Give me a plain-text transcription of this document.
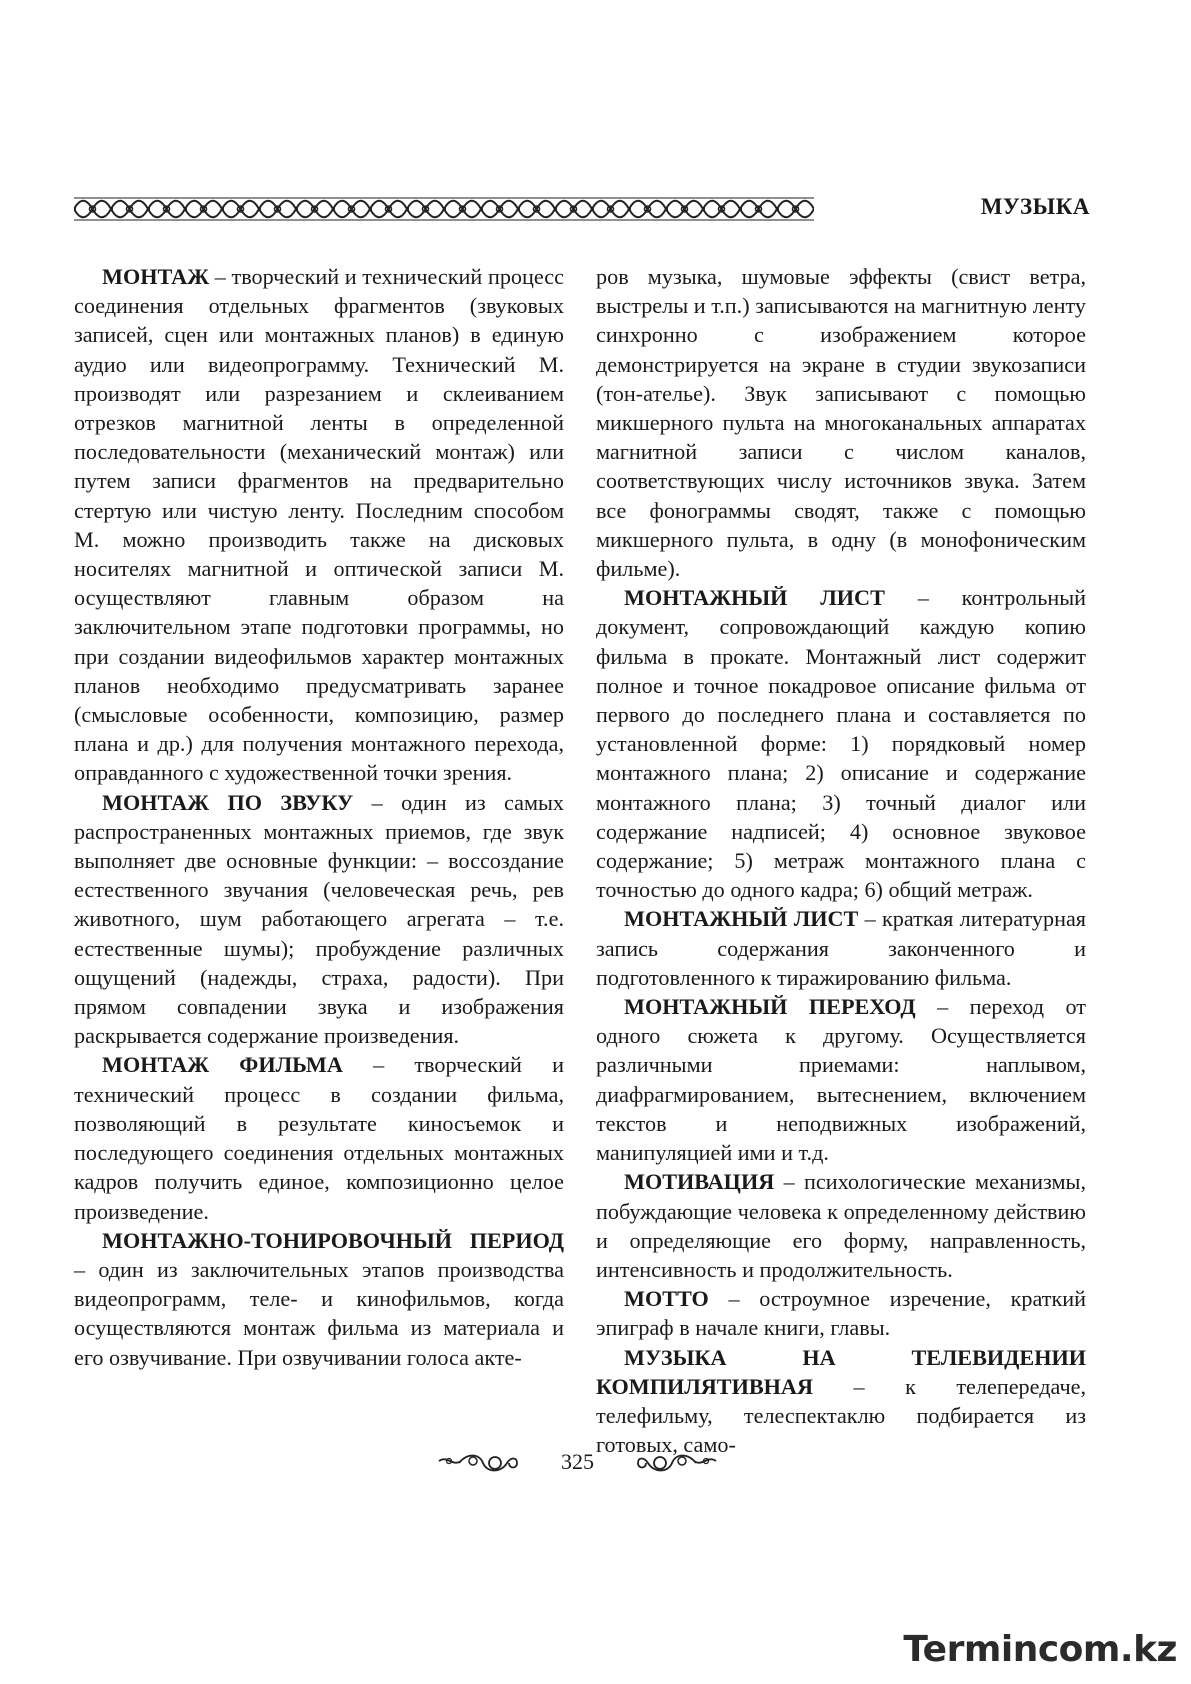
МУЗЫКА

МОНТАЖ – творческий и технический процесс соединения отдельных фрагментов (звуковых записей, сцен или монтажных планов) в единую аудио или видеопрограмму. Технический М. производят или разрезанием и склеиванием отрезков магнитной ленты в определенной последовательности (механический монтаж) или путем записи фрагментов на предварительно стертую или чистую ленту. Последним способом М. можно производить также на дисковых носителях магнитной и оптической записи М. осуществляют главным образом на заключительном этапе подготовки программы, но при создании видеофильмов характер монтажных планов необходимо предусматривать заранее (смысловые особенности, композицию, размер плана и др.) для получения монтажного перехода, оправданного с художественной точки зрения.

МОНТАЖ ПО ЗВУКУ – один из самых распространенных монтажных приемов, где звук выполняет две основные функции: – воссоздание естественного звучания (человеческая речь, рев животного, шум работающего агрегата – т.е. естественные шумы); пробуждение различных ощущений (надежды, страха, радости). При прямом совпадении звука и изображения раскрывается содержание произведения.

МОНТАЖ ФИЛЬМА – творческий и технический процесс в создании фильма, позволяющий в результате киносъемок и последующего соединения отдельных монтажных кадров получить единое, композиционно целое произведение.

МОНТАЖНО-ТОНИРОВОЧНЫЙ ПЕРИОД – один из заключительных этапов производства видеопрограмм, теле- и кинофильмов, когда осуществляются монтаж фильма из материала и его озвучивание. При озвучивании голоса акте-

ров музыка, шумовые эффекты (свист ветра, выстрелы и т.п.) записываются на магнитную ленту синхронно с изображением которое демонстрируется на экране в студии звукозаписи (тон-ателье). Звук записывают с помощью микшерного пульта на многоканальных аппаратах магнитной записи с числом каналов, соответствующих числу источников звука. Затем все фонограммы сводят, также с помощью микшерного пульта, в одну (в монофоническим фильме).

МОНТАЖНЫЙ ЛИСТ – контрольный документ, сопровождающий каждую копию фильма в прокате. Монтажный лист содержит полное и точное покадровое описание фильма от первого до последнего плана и составляется по установленной форме: 1) порядковый номер монтажного плана; 2) описание и содержание монтажного плана; 3) точный диалог или содержание надписей; 4) основное звуковое содержание; 5) метраж монтажного плана с точностью до одного кадра; 6) общий метраж.

МОНТАЖНЫЙ ЛИСТ – краткая литературная запись содержания законченного и подготовленного к тиражированию фильма.

МОНТАЖНЫЙ ПЕРЕХОД – переход от одного сюжета к другому. Осуществляется различными приемами: наплывом, диафрагмированием, вытеснением, включением текстов и неподвижных изображений, манипуляцией ими и т.д.

МОТИВАЦИЯ – психологические механизмы, побуждающие человека к определенному действию и определяющие его форму, направленность, интенсивность и продолжительность.

МОТТО – остроумное изречение, краткий эпиграф в начале книги, главы.

МУЗЫКА НА ТЕЛЕВИДЕНИИ КОМПИЛЯТИВНАЯ – к телепередаче, телефильму, телеспектаклю подбирается из готовых, само-

325
Termincom.kz
